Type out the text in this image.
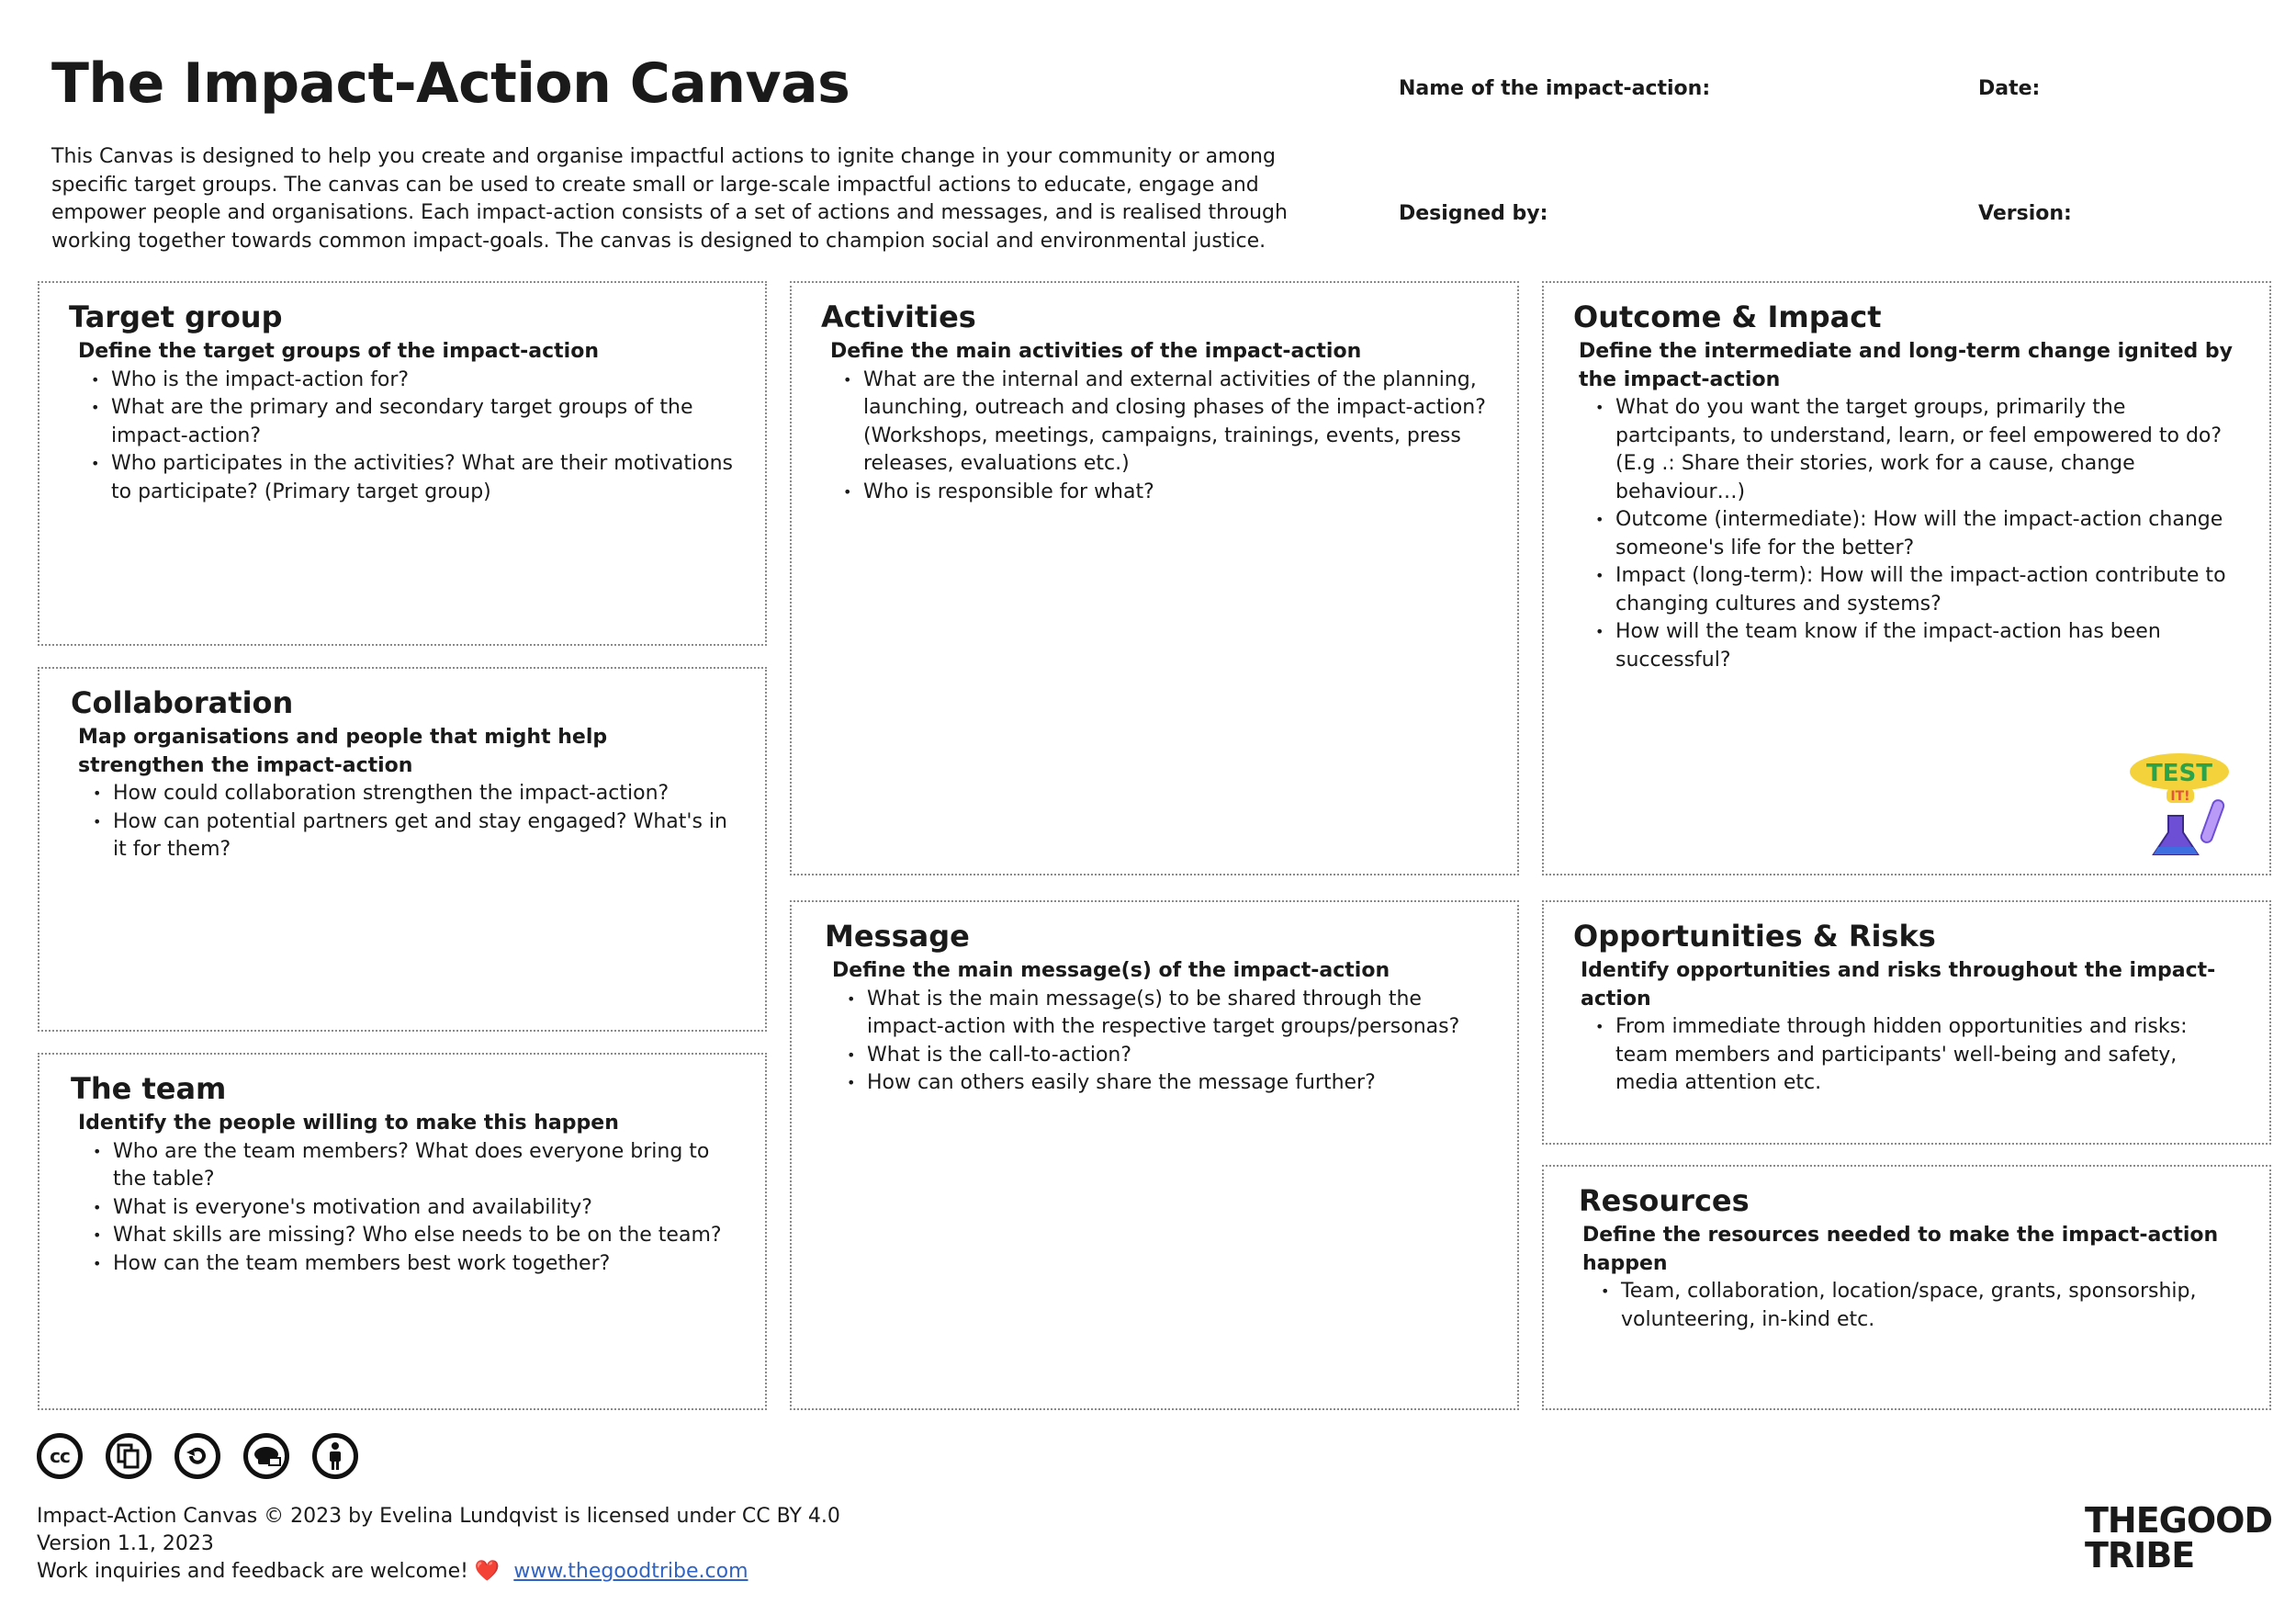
The Impact-Action Canvas

This Canvas is designed to help you create and organise impactful actions to ignite change in your community or among specific target groups. The canvas can be used to create small or large-scale impactful actions to educate, engage and empower people and organisations. Each impact-action consists of a set of actions and messages, and is realised through working together towards common impact-goals. The canvas is designed to champion social and environmental justice.

Name of the impact-action:	Date:
Designed by:	Version:
Target group
Define the target groups of the impact-action
• Who is the impact-action for?
• What are the primary and secondary target groups of the impact-action?
• Who participates in the activities? What are their motivations to participate? (Primary target group)
Collaboration
Map organisations and people that might help strengthen the impact-action
• How could collaboration strengthen the impact-action?
• How can potential partners get and stay engaged? What's in it for them?
The team
Identify the people willing to make this happen
• Who are the team members? What does everyone bring to the table?
• What is everyone's motivation and availability?
• What skills are missing? Who else needs to be on the team?
• How can the team members best work together?
Activities
Define the main activities of the impact-action
• What are the internal and external activities of the planning, launching, outreach and closing phases of the impact-action? (Workshops, meetings, campaigns, trainings, events, press releases, evaluations etc.)
• Who is responsible for what?
Message
Define the main message(s) of the impact-action
• What is the main message(s) to be shared through the impact-action with the respective target groups/personas?
• What is the call-to-action?
• How can others easily share the message further?
Outcome & Impact
Define the intermediate and long-term change ignited by the impact-action
• What do you want the target groups, primarily the partcipants, to understand, learn, or feel empowered to do? (E.g .: Share their stories, work for a cause, change behaviour…)
• Outcome (intermediate): How will the impact-action change someone's life for the better?
• Impact (long-term): How will the impact-action contribute to changing cultures and systems?
• How will the team know if the impact-action has been successful?
TEST
IT!
Opportunities & Risks
Identify opportunities and risks throughout the impact-action
• From immediate through hidden opportunities and risks: team members and participants' well-being and safety, media attention etc.
Resources
Define the resources needed to make the impact-action happen
• Team, collaboration, location/space, grants, sponsorship, volunteering, in-kind etc.
cc
Impact-Action Canvas © 2023 by Evelina Lundqvist is licensed under CC BY 4.0
Version 1.1, 2023
Work inquiries and feedback are welcome! ❤️ www.thegoodtribe.com
THEGOOD
TRIBE
